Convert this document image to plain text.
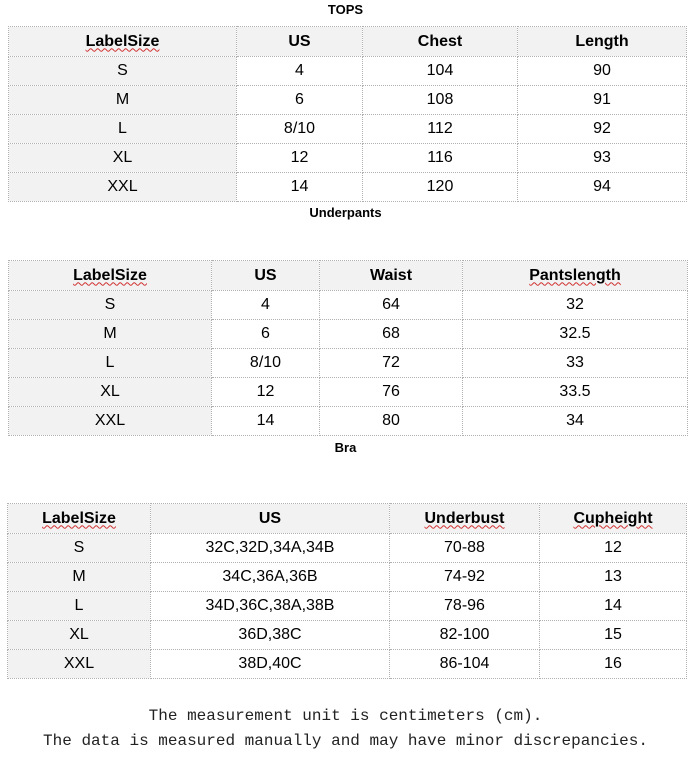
TOPS
LabelSize	US	Chest	Length
S	4	104	90
M	6	108	91
L	8/10	112	92
XL	12	116	93
XXL	14	120	94
Underpants
LabelSize	US	Waist	Pantslength
S	4	64	32
M	6	68	32.5
L	8/10	72	33
XL	12	76	33.5
XXL	14	80	34
Bra
LabelSize	US	Underbust	Cupheight
S	32C,32D,34A,34B	70-88	12
M	34C,36A,36B	74-92	13
L	34D,36C,38A,38B	78-96	14
XL	36D,38C	82-100	15
XXL	38D,40C	86-104	16
The measurement unit is centimeters (cm).
The data is measured manually and may have minor discrepancies.
